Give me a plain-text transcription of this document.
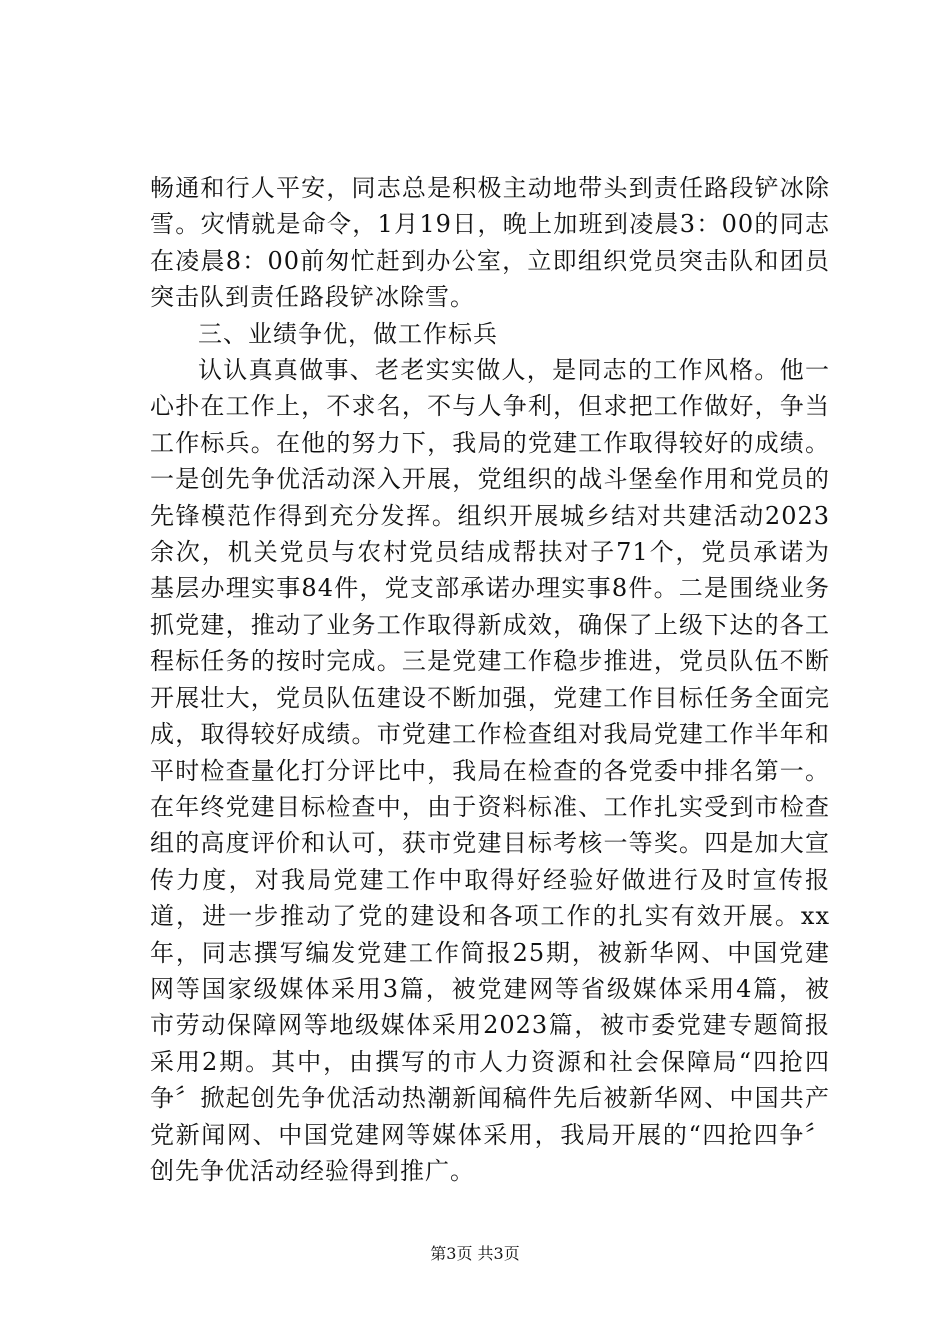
畅通和行人平安，同志总是积极主动地带头到责任路段铲冰除雪。灾情就是命令，1月19日，晚上加班到凌晨3：00的同志在凌晨8：00前匆忙赶到办公室，立即组织党员突击队和团员突击队到责任路段铲冰除雪。

三、业绩争优，做工作标兵

认认真真做事、老老实实做人，是同志的工作风格。他一心扑在工作上，不求名，不与人争利，但求把工作做好，争当工作标兵。在他的努力下，我局的党建工作取得较好的成绩。一是创先争优活动深入开展，党组织的战斗堡垒作用和党员的先锋模范作得到充分发挥。组织开展城乡结对共建活动2023余次，机关党员与农村党员结成帮扶对子71个，党员承诺为基层办理实事84件，党支部承诺办理实事8件。二是围绕业务抓党建，推动了业务工作取得新成效，确保了上级下达的各工程标任务的按时完成。三是党建工作稳步推进，党员队伍不断开展壮大，党员队伍建设不断加强，党建工作目标任务全面完成，取得较好成绩。市党建工作检查组对我局党建工作半年和平时检查量化打分评比中，我局在检查的各党委中排名第一。在年终党建目标检查中，由于资料标准、工作扎实受到市检查组的高度评价和认可，获市党建目标考核一等奖。四是加大宣传力度，对我局党建工作中取得好经验好做进行及时宣传报道，进一步推动了党的建设和各项工作的扎实有效开展。xx年，同志撰写编发党建工作简报25期，被新华网、中国党建网等国家级媒体采用3篇，被党建网等省级媒体采用4篇，被市劳动保障网等地级媒体采用2023篇，被市委党建专题简报采用2期。其中，由撰写的市人力资源和社会保障局“四抢四争〞掀起创先争优活动热潮新闻稿件先后被新华网、中国共产党新闻网、中国党建网等媒体采用，我局开展的“四抢四争〞创先争优活动经验得到推广。

第3页 共3页
